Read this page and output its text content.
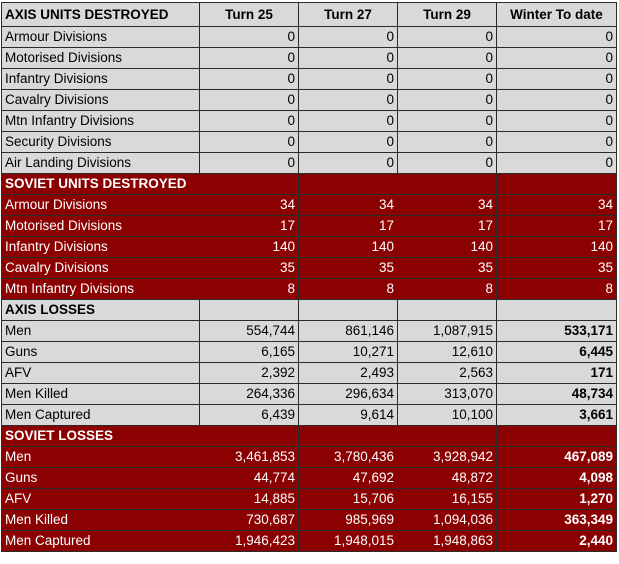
AXIS UNITS DESTROYED	Turn 25	Turn 27	Turn 29	Winter To date
Armour Divisions	0	0	0	0
Motorised Divisions	0	0	0	0
Infantry Divisions	0	0	0	0
Cavalry Divisions	0	0	0	0
Mtn Infantry Divisions	0	0	0	0
Security Divisions	0	0	0	0
Air Landing Divisions	0	0	0	0
SOVIET UNITS DESTROYED				
Armour Divisions	34	34	34	34
Motorised Divisions	17	17	17	17
Infantry Divisions	140	140	140	140
Cavalry Divisions	35	35	35	35
Mtn Infantry Divisions	8	8	8	8
AXIS LOSSES				
Men	554,744	861,146	1,087,915	533,171
Guns	6,165	10,271	12,610	6,445
AFV	2,392	2,493	2,563	171
Men Killed	264,336	296,634	313,070	48,734
Men Captured	6,439	9,614	10,100	3,661
SOVIET LOSSES				
Men	3,461,853	3,780,436	3,928,942	467,089
Guns	44,774	47,692	48,872	4,098
AFV	14,885	15,706	16,155	1,270
Men Killed	730,687	985,969	1,094,036	363,349
Men Captured	1,946,423	1,948,015	1,948,863	2,440
